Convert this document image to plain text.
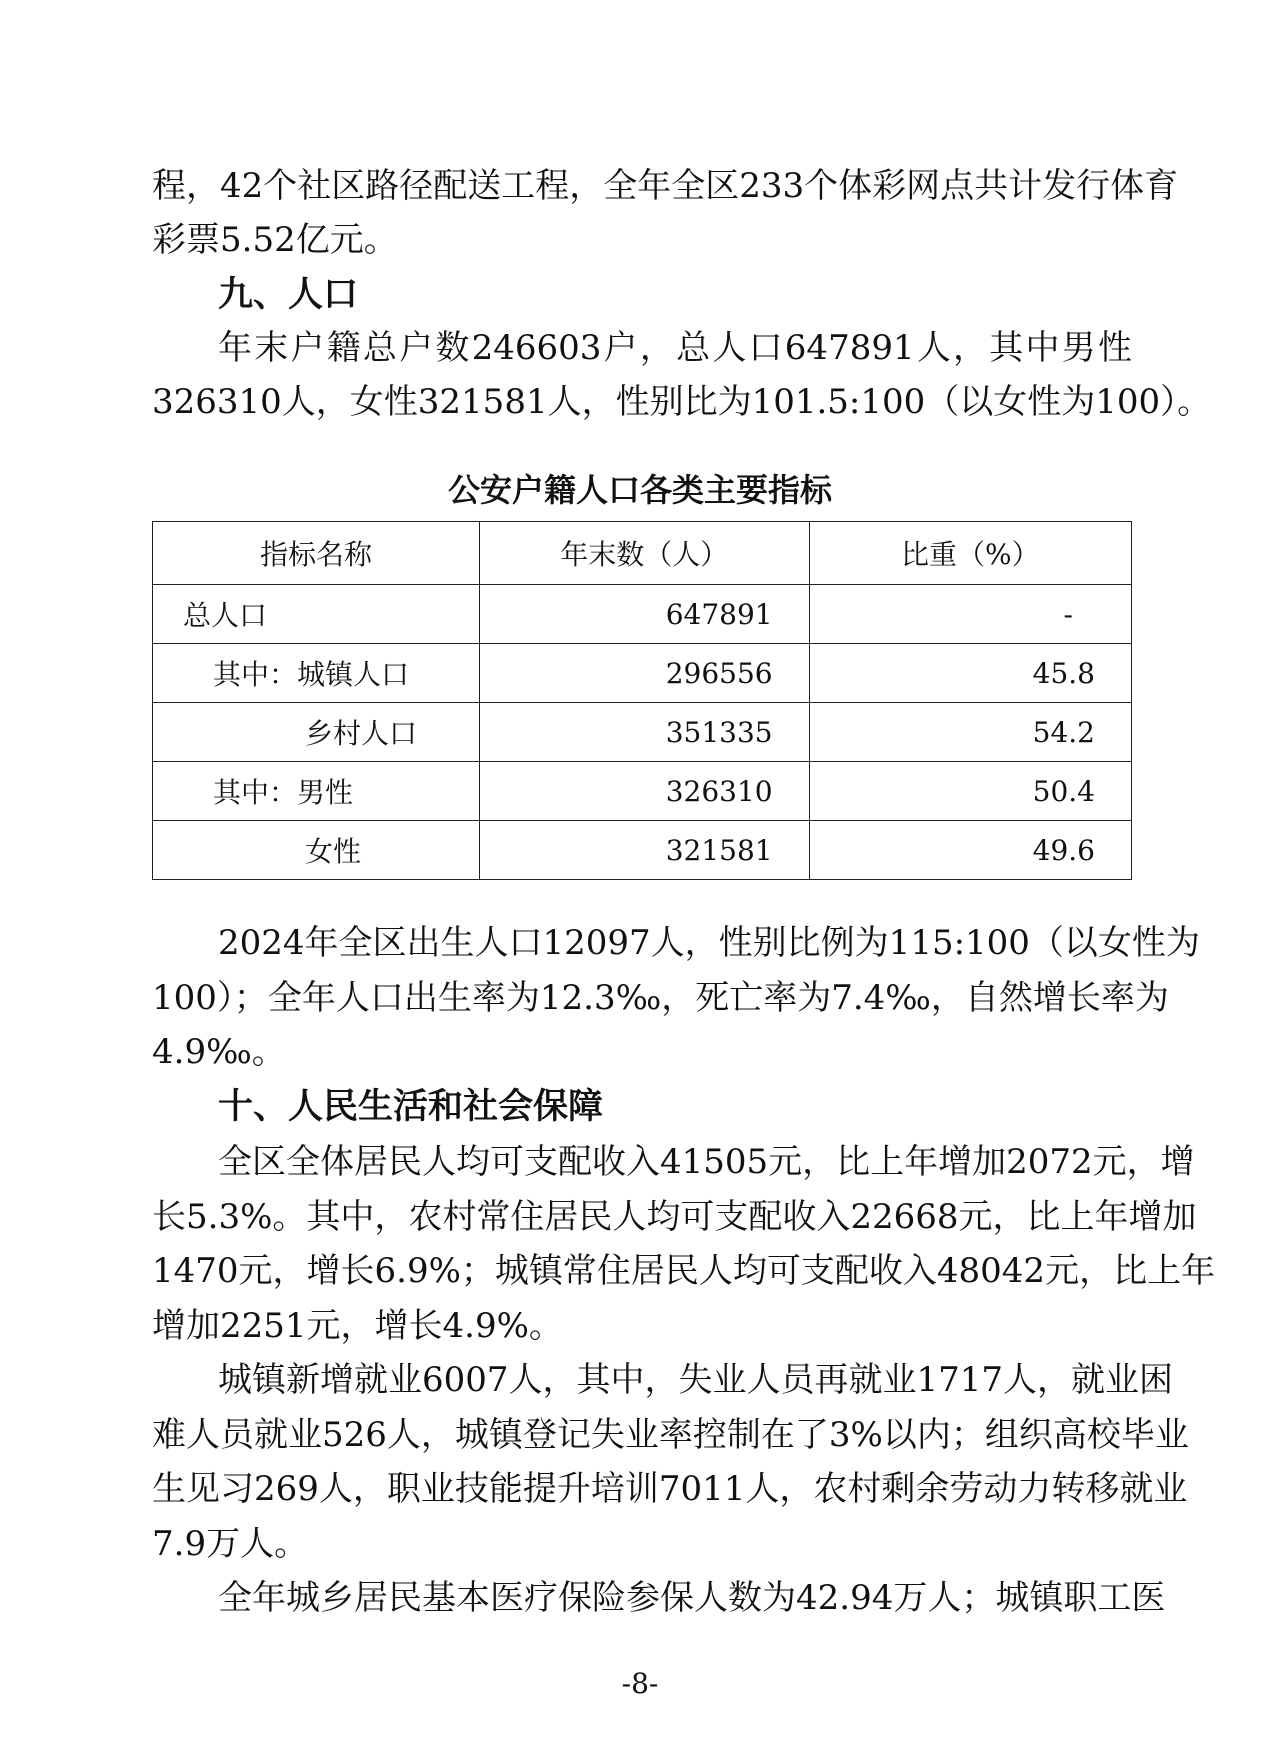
程，42个社区路径配送工程，全年全区233个体彩网点共计发行体育
彩票5.52亿元。
九、人口
年末户籍总户数246603户，总人口647891人，其中男性
326310人，女性321581人，性别比为101.5:100（以女性为100）。
公安户籍人口各类主要指标
指标名称	年末数（人）	比重（%）
总人口	647891	-
其中：城镇人口	296556	45.8
乡村人口	351335	54.2
其中：男性	326310	50.4
女性	321581	49.6
2024年全区出生人口12097人，性别比例为115:100（以女性为
100）；全年人口出生率为12.3‰，死亡率为7.4‰，自然增长率为
4.9‰。
十、人民生活和社会保障
全区全体居民人均可支配收入41505元，比上年增加2072元，增
长5.3%。其中，农村常住居民人均可支配收入22668元，比上年增加
1470元，增长6.9%；城镇常住居民人均可支配收入48042元，比上年
增加2251元，增长4.9%。
城镇新增就业6007人，其中，失业人员再就业1717人，就业困
难人员就业526人，城镇登记失业率控制在了3%以内；组织高校毕业
生见习269人，职业技能提升培训7011人，农村剩余劳动力转移就业
7.9万人。
全年城乡居民基本医疗保险参保人数为42.94万人；城镇职工医
-8-
